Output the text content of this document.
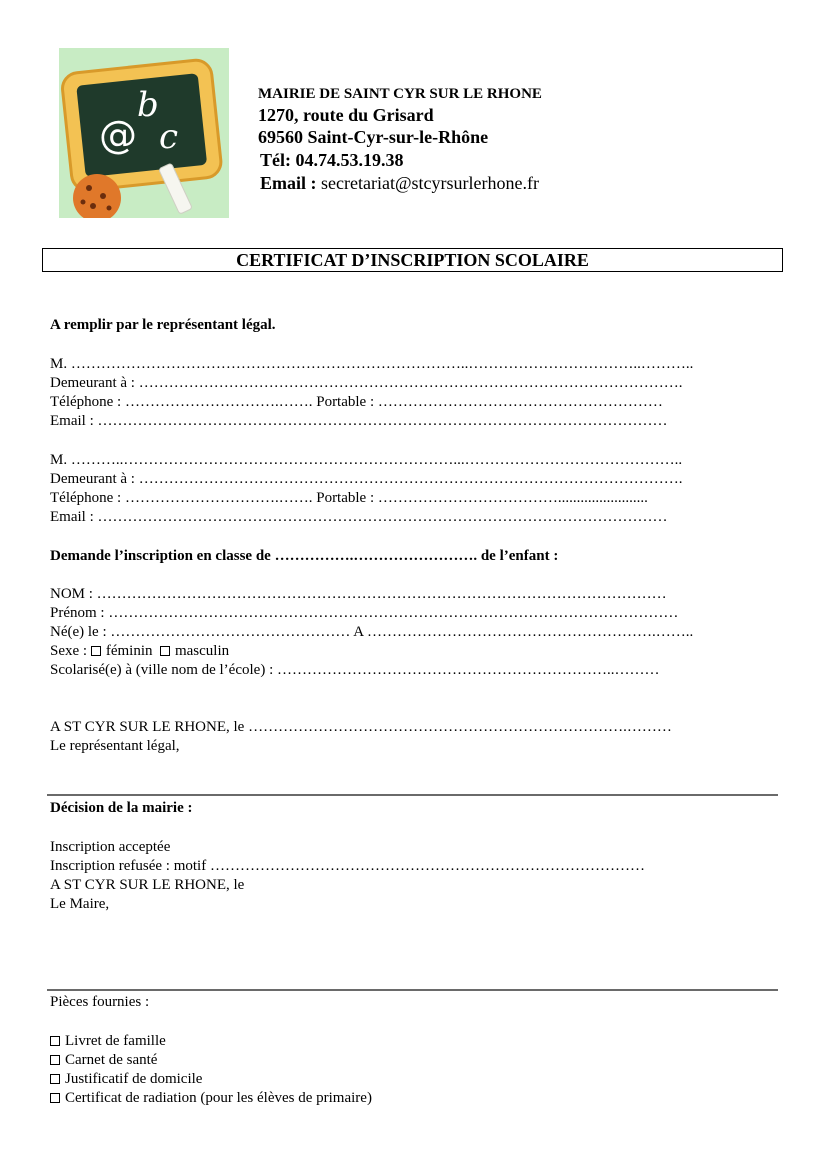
@
b
c
MAIRIE DE SAINT CYR SUR LE RHONE
1270, route du Grisard
69560 Saint-Cyr-sur-le-Rhône
Tél: 04.74.53.19.38
Email : secretariat@stcyrsurlerhone.fr
CERTIFICAT D’INSCRIPTION SCOLAIRE
A remplir par le représentant légal.
M. ……………………………………………………………………..……………………………..………..
Demeurant à : ……………………………………………………………………………………………….
Téléphone : ………………………….……. Portable : …………………………………………………
Email : ……………………………………………………………………………………………………
M. ………..…………………………………………………………...……………………………………..
Demeurant à : ……………………………………………………………………………………………….
Téléphone : ………………………….……. Portable : ………………………………........................
Email : ……………………………………………………………………………………………………
Demande l’inscription en classe de …………….……………………. de l’enfant :
NOM : ……………………………………………………………………………………………………
Prénom : ……………………………………………………………………………………………………
Né(e) le : ………………………………………… A ………………………………………………….……..
Sexe : féminin masculin
Scolarisé(e) à (ville nom de l’école) : …………………………………………………………..………
A ST CYR SUR LE RHONE, le ………………………………………………………………….………
Le représentant légal,
Décision de la mairie :
Inscription acceptée
Inscription refusée : motif ……………………………………………………………………………
A ST CYR SUR LE RHONE, le
Le Maire,
Pièces fournies :
Livret de famille
Carnet de santé
Justificatif de domicile
Certificat de radiation (pour les élèves de primaire)
